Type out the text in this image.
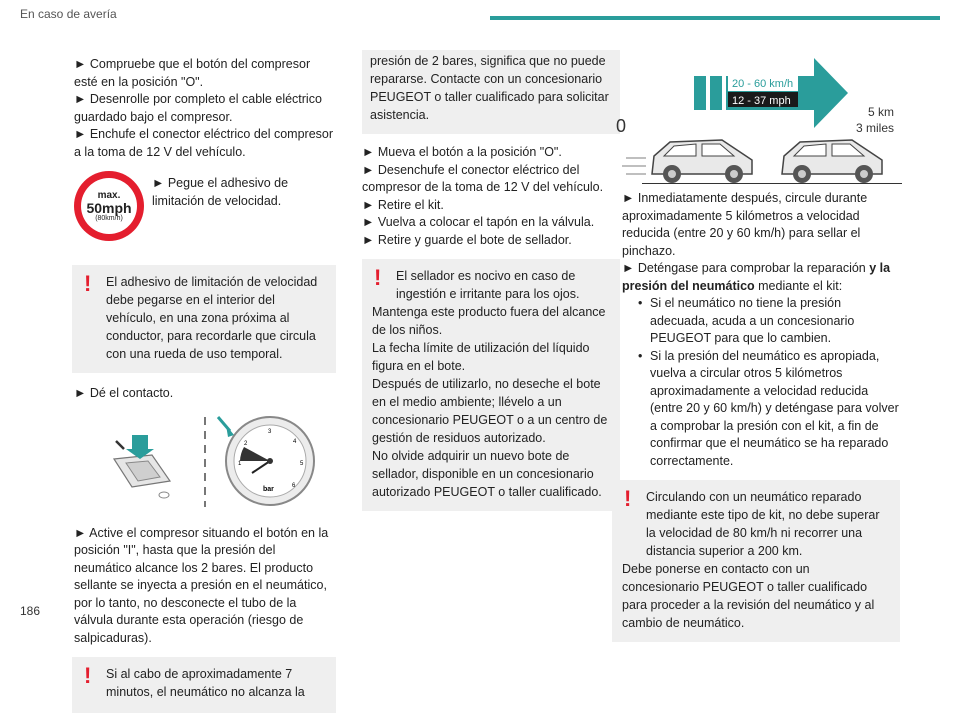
En caso de avería

► Compruebe que el botón del compresor esté en la posición "O".

► Desenrolle por completo el cable eléctrico guardado bajo el compresor.

► Enchufe el conector eléctrico del compresor a la toma de 12 V del vehículo.

max.
50mph
(80km/h)
► Pegue el adhesivo de limitación de velocidad.
!	El adhesivo de limitación de velocidad debe pegarse en el interior del vehículo, en una zona próxima al conductor, para recordarle que circula con una rueda de uso temporal.

► Dé el contacto.

1
2
3
4
5
6
bar

► Active el compresor situando el botón en la posición "I", hasta que la presión del neumático alcance los 2 bares. El producto sellante se inyecta a presión en el neumático, por lo tanto, no desconecte el tubo de la válvula durante esta operación (riesgo de salpicaduras).

!	Si al cabo de aproximadamente 7 minutos, el neumático no alcanza la
presión de 2 bares, significa que no puede repararse. Contacte con un concesionario PEUGEOT o taller cualificado para solicitar asistencia.

► Mueva el botón a la posición "O".

► Desenchufe el conector eléctrico del compresor de la toma de 12 V del vehículo.

► Retire el kit.

► Vuelva a colocar el tapón en la válvula.

► Retire y guarde el bote de sellador.

!	El sellador es nocivo en caso de ingestión e irritante para los ojos.
Mantenga este producto fuera del alcance de los niños.
La fecha límite de utilización del líquido figura en el bote.
Después de utilizarlo, no deseche el bote en el medio ambiente; llévelo a un concesionario PEUGEOT o a un centro de gestión de residuos autorizado.
No olvide adquirir un nuevo bote de sellador, disponible en un concesionario autorizado PEUGEOT o taller cualificado.
20 - 60 km/h
12 - 37 mph
0
5 km
3 miles

► Inmediatamente después, circule durante aproximadamente 5 kilómetros a velocidad reducida (entre 20 y 60 km/h) para sellar el pinchazo.

► Deténgase para comprobar la reparación y la presión del neumático mediante el kit:

• Si el neumático no tiene la presión adecuada, acuda a un concesionario PEUGEOT para que lo cambien.
• Si la presión del neumático es apropiada, vuelva a circular otros 5 kilómetros aproximadamente a velocidad reducida (entre 20 y 60 km/h) y deténgase para volver a comprobar la presión con el kit, a fin de confirmar que el neumático se ha reparado correctamente.
!	Circulando con un neumático reparado mediante este tipo de kit, no debe superar la velocidad de 80 km/h ni recorrer una distancia superior a 200 km.
Debe ponerse en contacto con un concesionario PEUGEOT o taller cualificado para proceder a la revisión del neumático y al cambio de neumático.
186
